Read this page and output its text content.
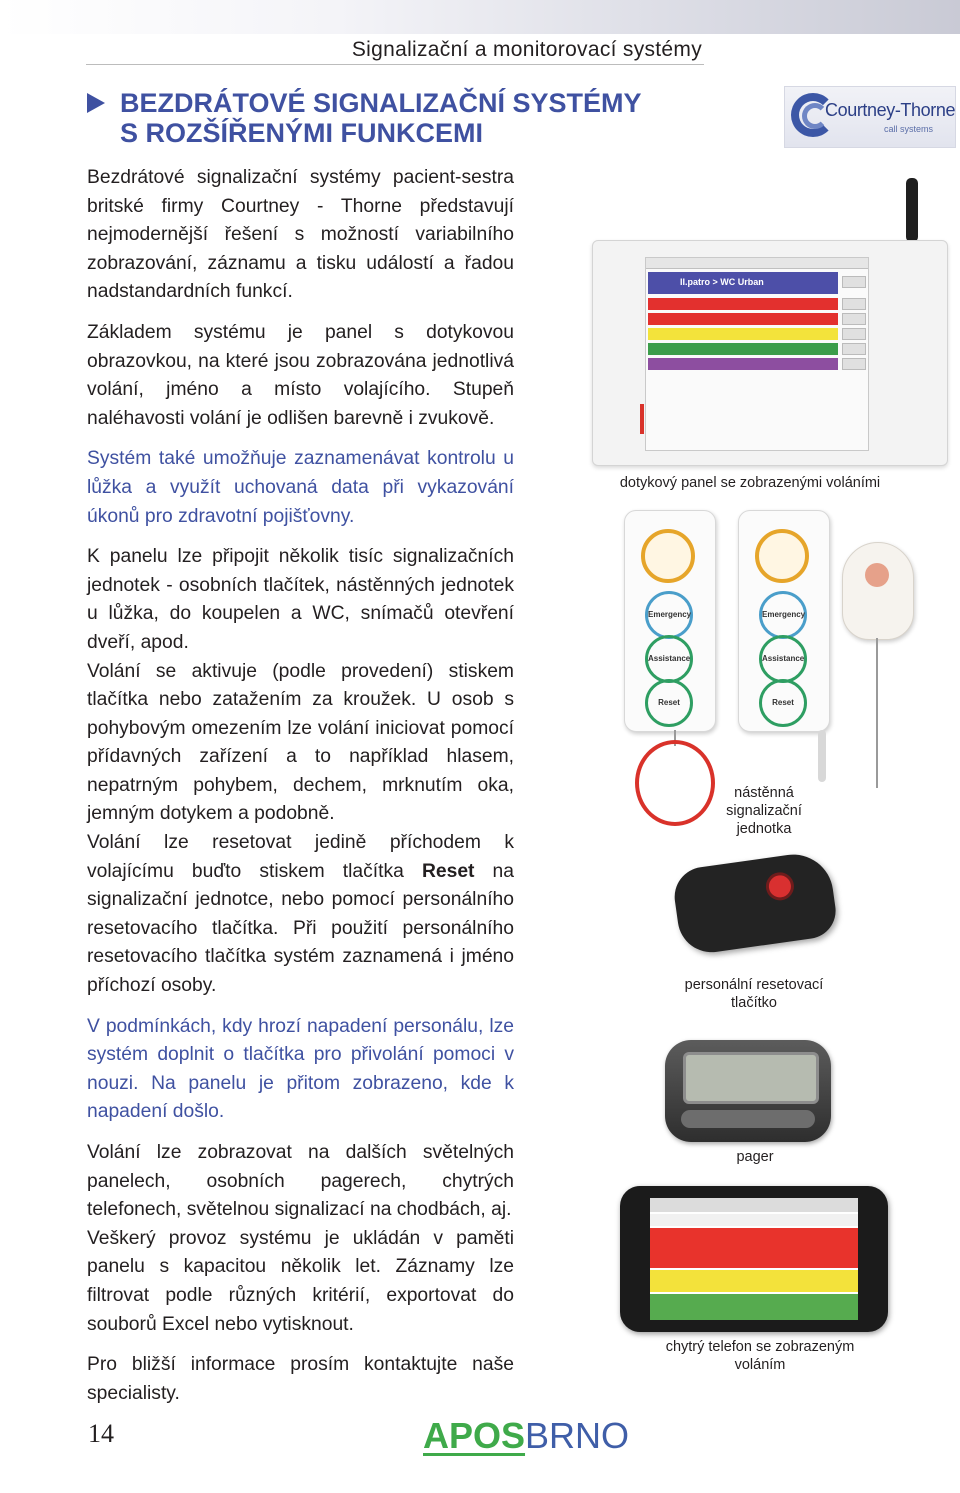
Signalizační a monitorovací systémy
BEZDRÁTOVÉ SIGNALIZAČNÍ SYSTÉMY
S ROZŠÍŘENÝMI FUNKCEMI
Courtney-Thorne
call systems

Bezdrátové signalizační systémy pacient-sestra britské firmy Courtney - Thorne představují nejmodernější řešení s možností variabilního zobrazování, záznamu a tisku událostí a řadou nadstandardních funkcí.

Základem systému je panel s dotykovou obrazovkou, na které jsou zobrazována jednotlivá volání, jméno a místo volajícího. Stupeň naléhavosti volání je odlišen barevně i zvukově.

Systém také umožňuje zaznamenávat kontrolu u lůžka a využít uchovaná data při vykazování úkonů pro zdravotní pojišťovny.

K panelu lze připojit několik tisíc signalizačních jednotek - osobních tlačítek, nástěnných jednotek u lůžka, do koupelen a WC, snímačů otevření dveří, apod.

Volání se aktivuje (podle provedení) stiskem tlačítka nebo zatažením za kroužek. U osob s pohybovým omezením lze volání iniciovat pomocí přídavných zařízení a to například hlasem, nepatrným pohybem, dechem, mrknutím oka, jemným dotykem a podobně.

Volání lze resetovat jedině příchodem k volajícímu buďto stiskem tlačítka Reset na signalizační jednotce, nebo pomocí personálního resetovacího tlačítka. Při použití personálního resetovacího tlačítka systém zaznamená i jméno příchozí osoby.

V podmínkách, kdy hrozí napadení personálu, lze systém doplnit o tlačítka pro přivolání pomoci v nouzi. Na panelu je přitom zobrazeno, kde k napadení došlo.

Volání lze zobrazovat na dalších světelných panelech, osobních pagerech, chytrých telefonech, světelnou signalizací na chodbách, aj.

Veškerý provoz systému je ukládán v paměti panelu s kapacitou několik let. Záznamy lze filtrovat podle různých kritérií, exportovat do souborů Excel nebo vytisknout.

Pro bližší informace prosím kontaktujte naše specialisty.

II.patro > WC Urban
dotykový panel se zobrazenými voláními
Emergency
Assistance
Reset
Emergency
Assistance
Reset
nástěnná signalizační jednotka
personální resetovací tlačítko
pager
chytrý telefon se zobrazeným voláním
14	APOSBRNO
